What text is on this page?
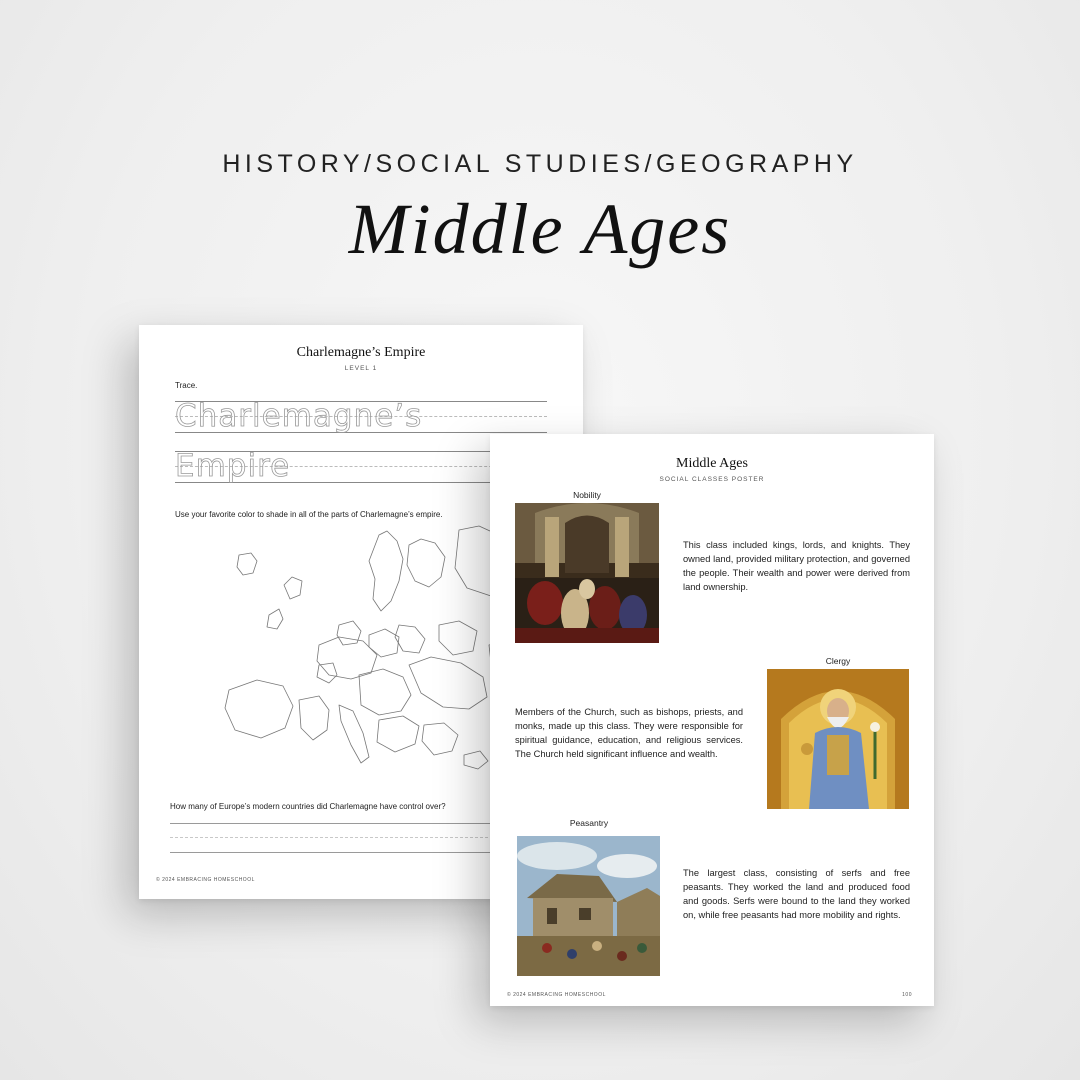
HISTORY/SOCIAL STUDIES/GEOGRAPHY
Middle Ages
Charlemagne’s Empire
LEVEL 1
Trace.
Charlemagne’s
Empire
Use your favorite color to shade in all of the parts of Charlemagne’s empire.
How many of Europe’s modern countries did Charlemagne have control over?
© 2024 EMBRACING HOMESCHOOL
Middle Ages
SOCIAL CLASSES POSTER
Nobility
This class included kings, lords, and knights. They owned land, provided military protection, and governed the people. Their wealth and power were derived from land ownership.
Clergy
Members of the Church, such as bishops, priests, and monks, made up this class. They were responsible for spiritual guidance, education, and religious services. The Church held significant influence and wealth.
Peasantry
The largest class, consisting of serfs and free peasants. They worked the land and produced food and goods. Serfs were bound to the land they worked on, while free peasants had more mobility and rights.
© 2024 EMBRACING HOMESCHOOL	100
